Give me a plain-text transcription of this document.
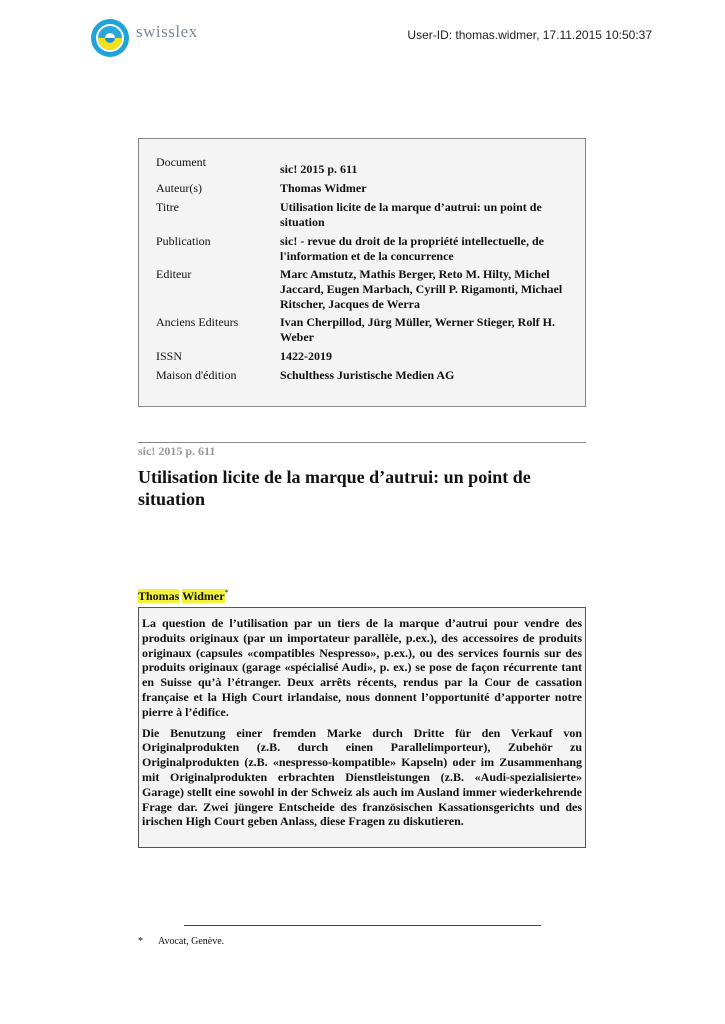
swisslex	User-ID: thomas.widmer, 17.11.2015 10:50:37
Document	sic! 2015 p. 611
Auteur(s)	Thomas Widmer
Titre	Utilisation licite de la marque d’autrui: un point de situation
Publication	sic! - revue du droit de la propriété intellectuelle, de l'information et de la concurrence
Editeur	Marc Amstutz, Mathis Berger, Reto M. Hilty, Michel Jaccard, Eugen Marbach, Cyrill P. Rigamonti, Michael Ritscher, Jacques de Werra
Anciens Editeurs	Ivan Cherpillod, Jürg Müller, Werner Stieger, Rolf H. Weber
ISSN	1422-2019
Maison d'édition	Schulthess Juristische Medien AG
sic! 2015 p. 611
Utilisation licite de la marque d’autrui: un point de situation
Thomas Widmer*

La question de l’utilisation par un tiers de la marque d’autrui pour vendre des produits originaux (par un importateur parallèle, p.ex.), des accessoires de produits originaux (capsules «compatibles Nespresso», p.ex.), ou des services fournis sur des produits originaux (garage «spécialisé Audi», p. ex.) se pose de façon récurrente tant en Suisse qu’à l’étranger. Deux arrêts récents, rendus par la Cour de cassation française et la High Court irlandaise, nous donnent l’opportunité d’apporter notre pierre à l’édifice.

Die Benutzung einer fremden Marke durch Dritte für den Verkauf von Originalprodukten (z.B. durch einen Parallelimporteur), Zubehör zu Originalprodukten (z.B. «nespresso-kompatible» Kapseln) oder im Zusammenhang mit Originalprodukten erbrachten Dienstleistungen (z.B. «Audi-spezialisierte» Garage) stellt eine sowohl in der Schweiz als auch im Ausland immer wiederkehrende Frage dar. Zwei jüngere Entscheide des französischen Kassationsgerichts und des irischen High Court geben Anlass, diese Fragen zu diskutieren.

* Avocat, Genève.
